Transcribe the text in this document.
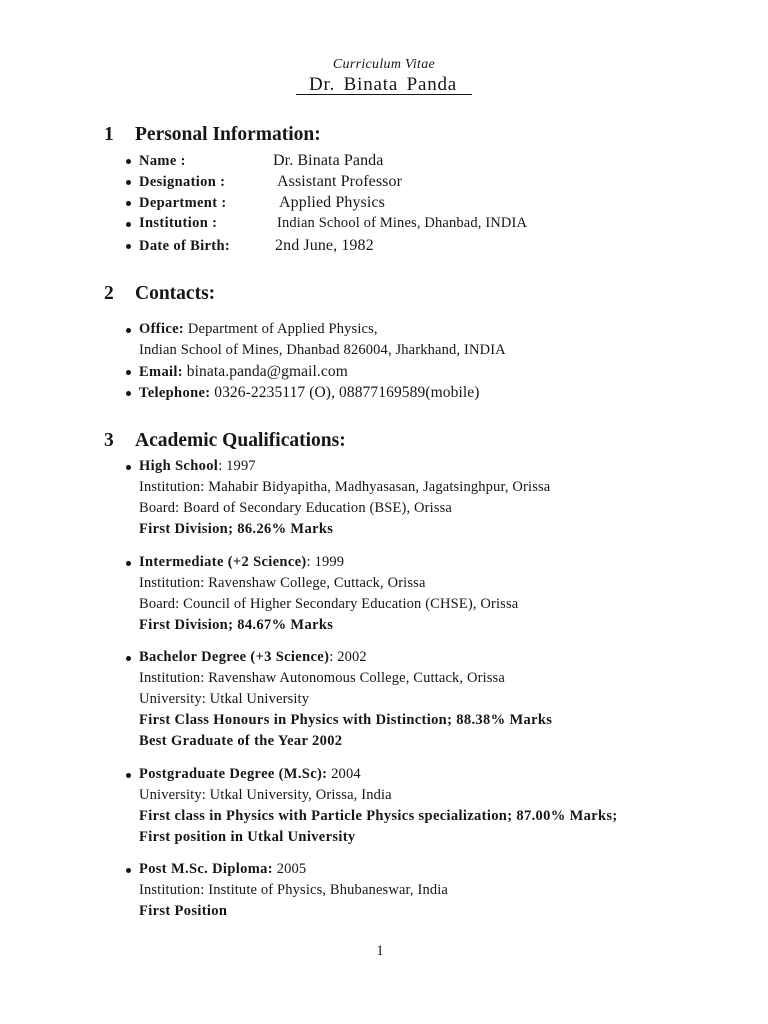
Curriculum Vitae
Dr. Binata Panda
1 Personal Information:
Name :	Dr. Binata Panda
Designation :	Assistant Professor
Department :	Applied Physics
Institution :	Indian School of Mines, Dhanbad, INDIA
Date of Birth:	2nd June, 1982
2 Contacts:
Office: Department of Applied Physics,
Indian School of Mines, Dhanbad 826004, Jharkhand, INDIA
Email: binata.panda@gmail.com
Telephone: 0326-2235117 (O), 08877169589(mobile)
3 Academic Qualifications:
High School: 1997
Institution: Mahabir Bidyapitha, Madhyasasan, Jagatsinghpur, Orissa
Board: Board of Secondary Education (BSE), Orissa
First Division; 86.26% Marks
Intermediate (+2 Science): 1999
Institution: Ravenshaw College, Cuttack, Orissa
Board: Council of Higher Secondary Education (CHSE), Orissa
First Division; 84.67% Marks
Bachelor Degree (+3 Science): 2002
Institution: Ravenshaw Autonomous College, Cuttack, Orissa
University: Utkal University
First Class Honours in Physics with Distinction; 88.38% Marks
Best Graduate of the Year 2002
Postgraduate Degree (M.Sc): 2004
University: Utkal University, Orissa, India
First class in Physics with Particle Physics specialization; 87.00% Marks;
First position in Utkal University
Post M.Sc. Diploma: 2005
Institution: Institute of Physics, Bhubaneswar, India
First Position
1
